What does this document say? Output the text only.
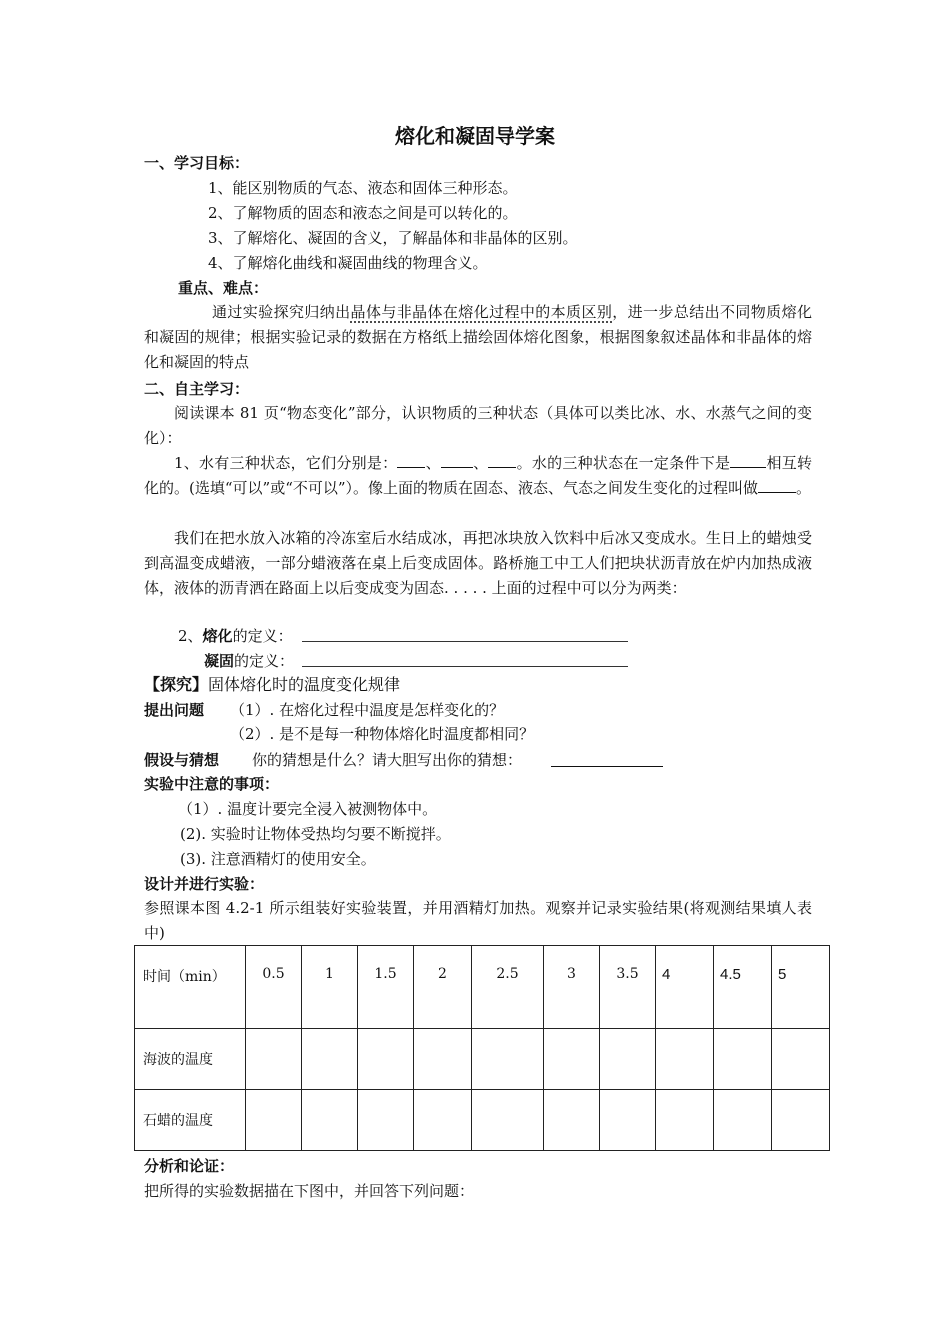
熔化和凝固导学案
一、学习目标：
1、能区别物质的气态、液态和固体三种形态。
2、了解物质的固态和液态之间是可以转化的。
3、了解熔化、凝固的含义，了解晶体和非晶体的区别。
4、了解熔化曲线和凝固曲线的物理含义。
重点、难点：
通过实验探究归纳出晶体与非晶体在熔化过程中的本质区别，进一步总结出不同物质熔化和凝固的规律；根据实验记录的数据在方格纸上描绘固体熔化图象，根据图象叙述晶体和非晶体的熔化和凝固的特点
二、自主学习：
阅读课本 81 页“物态变化”部分，认识物质的三种状态（具体可以类比冰、水、水蒸气之间的变化）：
1、水有三种状态，它们分别是： 、 、 。水的三种状态在一定条件下是 相互转化的。(选填“可以”或“不可以”）。像上面的物质在固态、液态、气态之间发生变化的过程叫做	。
我们在把水放入冰箱的冷冻室后水结成冰，再把冰块放入饮料中后冰又变成水。生日上的蜡烛受到高温变成蜡液，一部分蜡液落在桌上后变成固体。路桥施工中工人们把块状沥青放在炉内加热成液体，液体的沥青洒在路面上以后变成变为固态. . . . . 上面的过程中可以分为两类：
2、熔化的定义：
凝固的定义：
【探究】固体熔化时的温度变化规律
提出问题 （1）. 在熔化过程中温度是怎样变化的？
（2）. 是不是每一种物体熔化时温度都相同？
假设与猜想 你的猜想是什么？请大胆写出你的猜想：
实验中注意的事项：
（1）. 温度计要完全浸入被测物体中。
(2). 实验时让物体受热均匀要不断搅拌。
(3). 注意酒精灯的使用安全。
设计并进行实验：
参照课本图 4.2-1 所示组装好实验装置，并用酒精灯加热。观察并记录实验结果(将观测结果填人表中)
时间（min）	0.5	1	1.5	2	2.5	3	3.5	4	4.5	5
海波的温度										
石蜡的温度										
分析和论证：
把所得的实验数据描在下图中，并回答下列问题：
